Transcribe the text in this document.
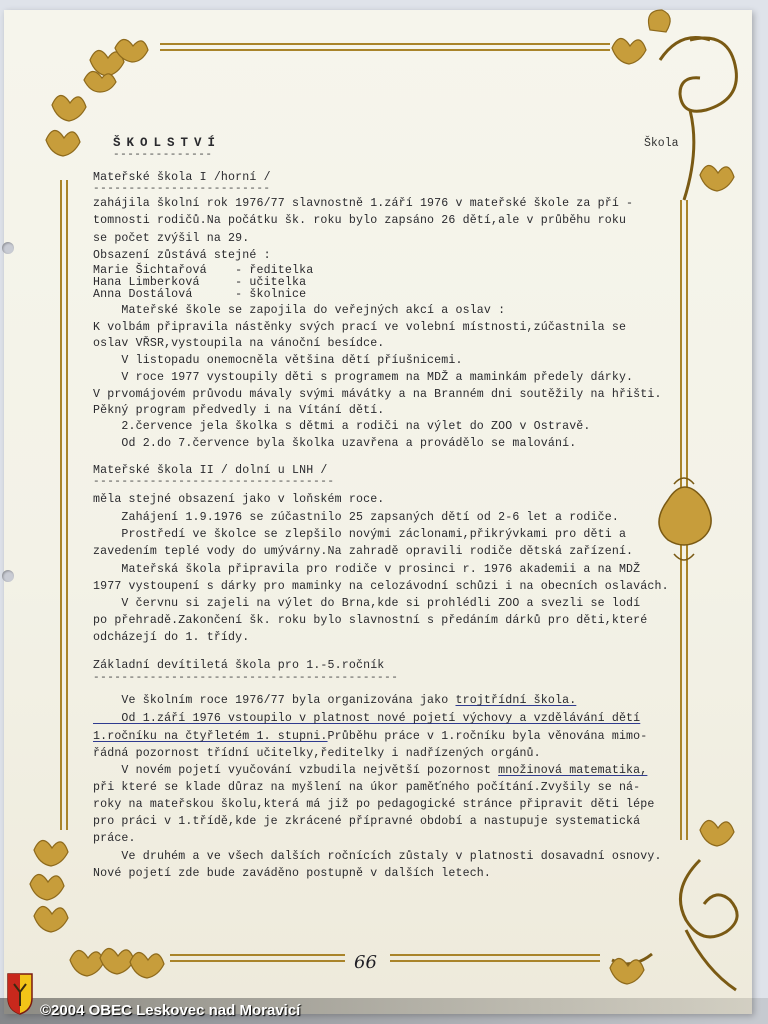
ŠKOLSTVÍ
--------------
Škola
Mateřské škola I /horní /
-------------------------
zahájila školní rok 1976/77 slavnostně 1.září 1976 v mateřské škole za pří -
tomnosti rodičů.Na počátku šk. roku bylo zapsáno 26 dětí,ale v průběhu roku
se počet zvýšil na 29.
Obsazení zůstává stejné :
Marie Šichtařová    - ředitelka
Hana Limberková     - učitelka
Anna Dostálová      - školnice
Mateřské škole se zapojila do veřejných akcí a oslav :
K volbám připravila nástěnky svých prací ve volební místnosti,zúčastnila se
oslav VŘSR,vystoupila na vánoční besídce.
V listopadu onemocněla většina dětí příušnicemi.
V roce 1977 vystoupily děti s programem na MDŽ a maminkám předely dárky.
V prvomájovém průvodu mávaly svými mávátky a na Branném dni soutěžily na hřišti.
Pěkný program předvedly i na Vítání dětí.
2.července jela školka s dětmi a rodiči na výlet do ZOO v Ostravě.
Od 2.do 7.července byla školka uzavřena a provádělo se malování.
Mateřské škola II / dolní u LNH /
----------------------------------
měla stejné obsazení jako v loňském roce.
Zahájení 1.9.1976 se zúčastnilo 25 zapsaných dětí od 2-6 let a rodiče.
Prostředí ve školce se zlepšilo novými záclonami,přikrývkami pro děti a
zavedením teplé vody do umývárny.Na zahradě opravili rodiče dětská zařízení.
Mateřská škola připravila pro rodiče v prosinci r. 1976 akademii a na MDŽ
1977 vystoupení s dárky pro maminky na celozávodní schůzi i na obecních oslavách.
V červnu si zajeli na výlet do Brna,kde si prohlédli ZOO a svezli se lodí
po přehradě.Zakončení šk. roku bylo slavnostní s předáním dárků pro děti,které
odcházejí do 1. třídy.
Základní devítiletá škola pro 1.-5.ročník
-------------------------------------------
Ve školním roce 1976/77 byla organizována jako trojtřídní škola.
Od 1.září 1976 vstoupilo v platnost nové pojetí výchovy a vzdělávání dětí
1.ročníku na čtyřletém 1. stupni.Průběhu práce v 1.ročníku byla věnována mimo-
řádná pozornost třídní učitelky,ředitelky i nadřízených orgánů.
V novém pojetí vyučování vzbudila největší pozornost množinová matematika,
při které se klade důraz na myšlení na úkor paměťného počítání.Zvyšily se ná-
roky na mateřskou školu,která má již po pedagogické stránce připravit děti lépe
pro práci v 1.třídě,kde je zkrácené přípravné období a nastupuje systematická
práce.
Ve druhém a ve všech dalších ročnících zůstaly v platnosti dosavadní osnovy.
Nové pojetí zde bude zaváděno postupně v dalších letech.
66
©2004 OBEC Leskovec nad Moravicí
